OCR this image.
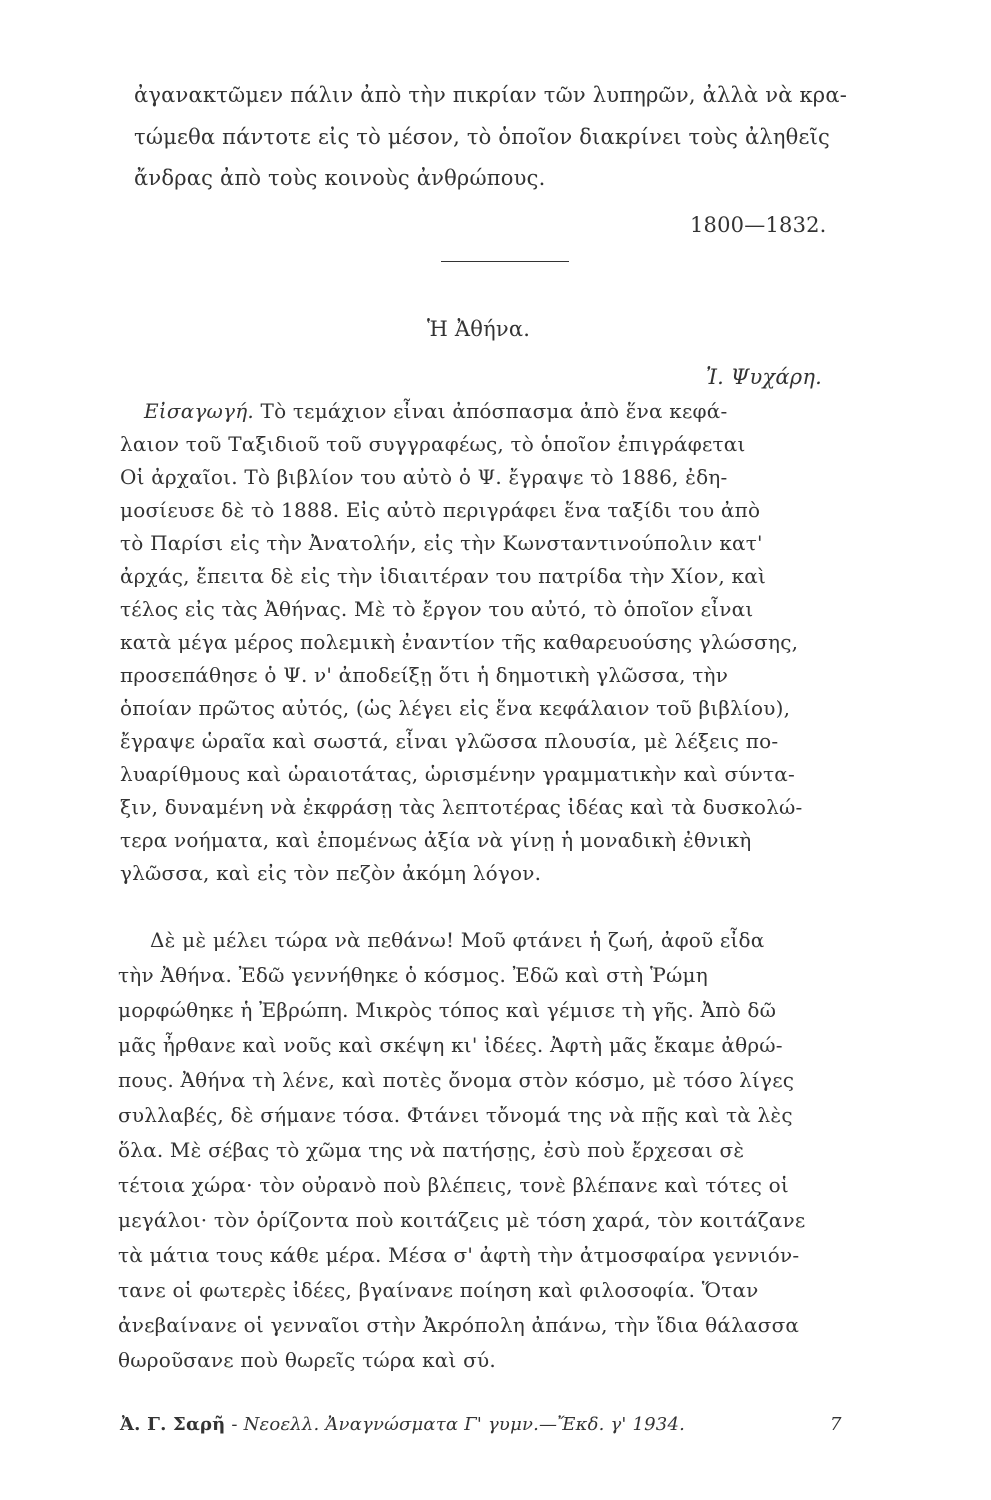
ἀγανακτῶμεν πάλιν ἀπὸ τὴν πικρίαν τῶν λυπηρῶν, ἀλλὰ νὰ κρα-
τώμεθα πάντοτε εἰς τὸ μέσον, τὸ ὁποῖον διακρίνει τοὺς ἀληθεῖς
ἄνδρας ἀπὸ τοὺς κοινοὺς ἀνθρώπους.
1800—1832.
Ἡ Ἀθήνα.
Ἰ. Ψυχάρη.
Εἰσαγωγή. Τὸ τεμάχιον εἶναι ἀπόσπασμα ἀπὸ ἕνα κεφά-
λαιον τοῦ Ταξιδιοῦ τοῦ συγγραφέως, τὸ ὁποῖον ἐπιγράφεται
Οἱ ἀρχαῖοι. Τὸ βιβλίον του αὐτὸ ὁ Ψ. ἔγραψε τὸ 1886, ἐδη-
μοσίευσε δὲ τὸ 1888. Εἰς αὐτὸ περιγράφει ἕνα ταξίδι του ἀπὸ
τὸ Παρίσι εἰς τὴν Ἀνατολήν, εἰς τὴν Κωνσταντινούπολιν κατ'
ἀρχάς, ἔπειτα δὲ εἰς τὴν ἰδιαιτέραν του πατρίδα τὴν Χίον, καὶ
τέλος εἰς τὰς Ἀθήνας. Μὲ τὸ ἔργον του αὐτό, τὸ ὁποῖον εἶναι
κατὰ μέγα μέρος πολεμικὴ ἐναντίον τῆς καθαρευούσης γλώσσης,
προσεπάθησε ὁ Ψ. ν' ἀποδείξῃ ὅτι ἡ δημοτικὴ γλῶσσα, τὴν
ὁποίαν πρῶτος αὐτός, (ὡς λέγει εἰς ἕνα κεφάλαιον τοῦ βιβλίου),
ἔγραψε ὡραῖα καὶ σωστά, εἶναι γλῶσσα πλουσία, μὲ λέξεις πο-
λυαρίθμους καὶ ὡραιοτάτας, ὡρισμένην γραμματικὴν καὶ σύντα-
ξιν, δυναμένη νὰ ἐκφράσῃ τὰς λεπτοτέρας ἰδέας καὶ τὰ δυσκολώ-
τερα νοήματα, καὶ ἐπομένως ἀξία νὰ γίνῃ ἡ μοναδικὴ ἐθνικὴ
γλῶσσα, καὶ εἰς τὸν πεζὸν ἀκόμη λόγον.
Δὲ μὲ μέλει τώρα νὰ πεθάνω! Μοῦ φτάνει ἡ ζωή, ἀφοῦ εἶδα
τὴν Ἀθήνα. Ἐδῶ γεννήθηκε ὁ κόσμος. Ἐδῶ καὶ στὴ Ῥώμη
μορφώθηκε ἡ Ἐβρώπη. Μικρὸς τόπος καὶ γέμισε τὴ γῆς. Ἀπὸ δῶ
μᾶς ἦρθανε καὶ νοῦς καὶ σκέψη κι' ἰδέες. Ἀφτὴ μᾶς ἔκαμε ἀθρώ-
πους. Ἀθήνα τὴ λένε, καὶ ποτὲς ὄνομα στὸν κόσμο, μὲ τόσο λίγες
συλλαβές, δὲ σήμανε τόσα. Φτάνει τὄνομά της νὰ πῇς καὶ τὰ λὲς
ὅλα. Μὲ σέβας τὸ χῶμα της νὰ πατήσῃς, ἐσὺ ποὺ ἔρχεσαι σὲ
τέτοια χώρα· τὸν οὐρανὸ ποὺ βλέπεις, τονὲ βλέπανε καὶ τότες οἱ
μεγάλοι· τὸν ὁρίζοντα ποὺ κοιτάζεις μὲ τόση χαρά, τὸν κοιτάζανε
τὰ μάτια τους κάθε μέρα. Μέσα σ' ἀφτὴ τὴν ἀτμοσφαίρα γεννιόν-
τανε οἱ φωτερὲς ἰδέες, βγαίνανε ποίηση καὶ φιλοσοφία. Ὅταν
ἀνεβαίνανε οἱ γενναῖοι στὴν Ἀκρόπολη ἀπάνω, τὴν ἴδια θάλασσα
θωροῦσανε ποὺ θωρεῖς τώρα καὶ σύ.
Ἀ. Γ. Σαρῆ - Νεοελλ. Ἀναγνώσματα Γ' γυμν.—Ἔκδ. γ' 1934.	7
